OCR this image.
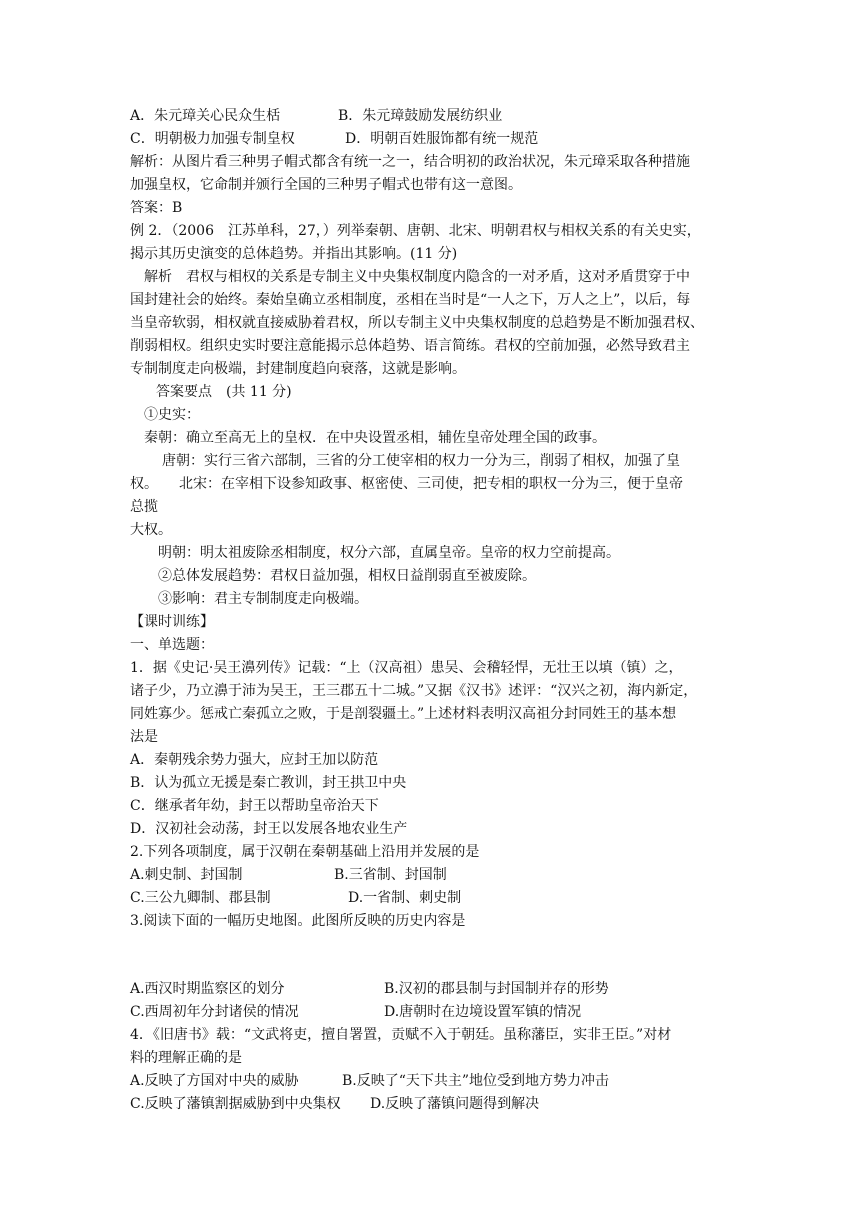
A．朱元璋关心民众生栝	B．朱元璋鼓励发展纺织业
C．明朝极力加强专制皇权	D．明朝百姓服饰都有统一规范
解析：从图片看三种男子帽式都含有统一之一，结合明初的政治状况，朱元璋采取各种措施
加强皇权，它命制并颁行全国的三种男子帽式也带有这一意图。
答案：B
例 2．（2006　江苏单科，27，）列举秦朝、唐朝、北宋、明朝君权与相权关系的有关史实，
揭示其历史演变的总体趋势。并指出其影响。(11 分)
　解析　君权与相权的关系是专制主义中央集权制度内隐含的一对矛盾，这对矛盾贯穿于中
国封建社会的始终。秦始皇确立丞相制度，丞相在当时是“一人之下，万人之上”，以后，每
当皇帝软弱，相权就直接威胁着君权，所以专制主义中央集权制度的总趋势是不断加强君权、
削弱相权。组织史实时要注意能揭示总体趋势、语言简练。君权的空前加强，必然导致君主
专制制度走向极端，封建制度趋向衰落，这就是影响。
　答案要点　(共 11 分)
①史实：
秦朝：确立至高无上的皇权．在中央设置丞相，辅佐皇帝处理全国的政事。
唐朝：实行三省六部制，三省的分工使宰相的权力一分为三，削弱了相权，加强了皇
权。　　北宋：在宰相下设参知政事、枢密使、三司使，把专相的职权一分为三，便于皇帝
总揽
大权。
明朝：明太祖废除丞相制度，权分六部，直属皇帝。皇帝的权力空前提高。
②总体发展趋势：君权日益加强，相权日益削弱直至被废除。
③影响：君主专制制度走向极端。
【课时训练】
一、单选题：
1．据《史记·吴王濞列传》记载：“上（汉高祖）患吴、会稽轻悍，无壮王以填（镇）之，
诸子少，乃立濞于沛为吴王，王三郡五十二城。”又据《汉书》述评：“汉兴之初，海内新定，
同姓寡少。惩戒亡秦孤立之败，于是剖裂疆土。”上述材料表明汉高祖分封同姓王的基本想
法是
A．秦朝残余势力强大，应封王加以防范
B．认为孤立无援是秦亡教训，封王拱卫中央
C．继承者年幼，封王以帮助皇帝治天下
D．汉初社会动荡，封王以发展各地农业生产
2.下列各项制度，属于汉朝在秦朝基础上沿用并发展的是
A.刺史制、封国制	B.三省制、封国制
C.三公九卿制、郡县制	D.一省制、刺史制
3.阅读下面的一幅历史地图。此图所反映的历史内容是
A.西汉时期监察区的划分	B.汉初的郡县制与封国制并存的形势
C.西周初年分封诸侯的情况	D.唐朝时在边境设置军镇的情况
4．《旧唐书》载：“文武将吏，擅自署置，贡赋不入于朝廷。虽称藩臣，实非王臣。”对材
料的理解正确的是
A.反映了方国对中央的威胁	B.反映了“天下共主”地位受到地方势力冲击
C.反映了藩镇割据威胁到中央集权 D.反映了藩镇问题得到解决
